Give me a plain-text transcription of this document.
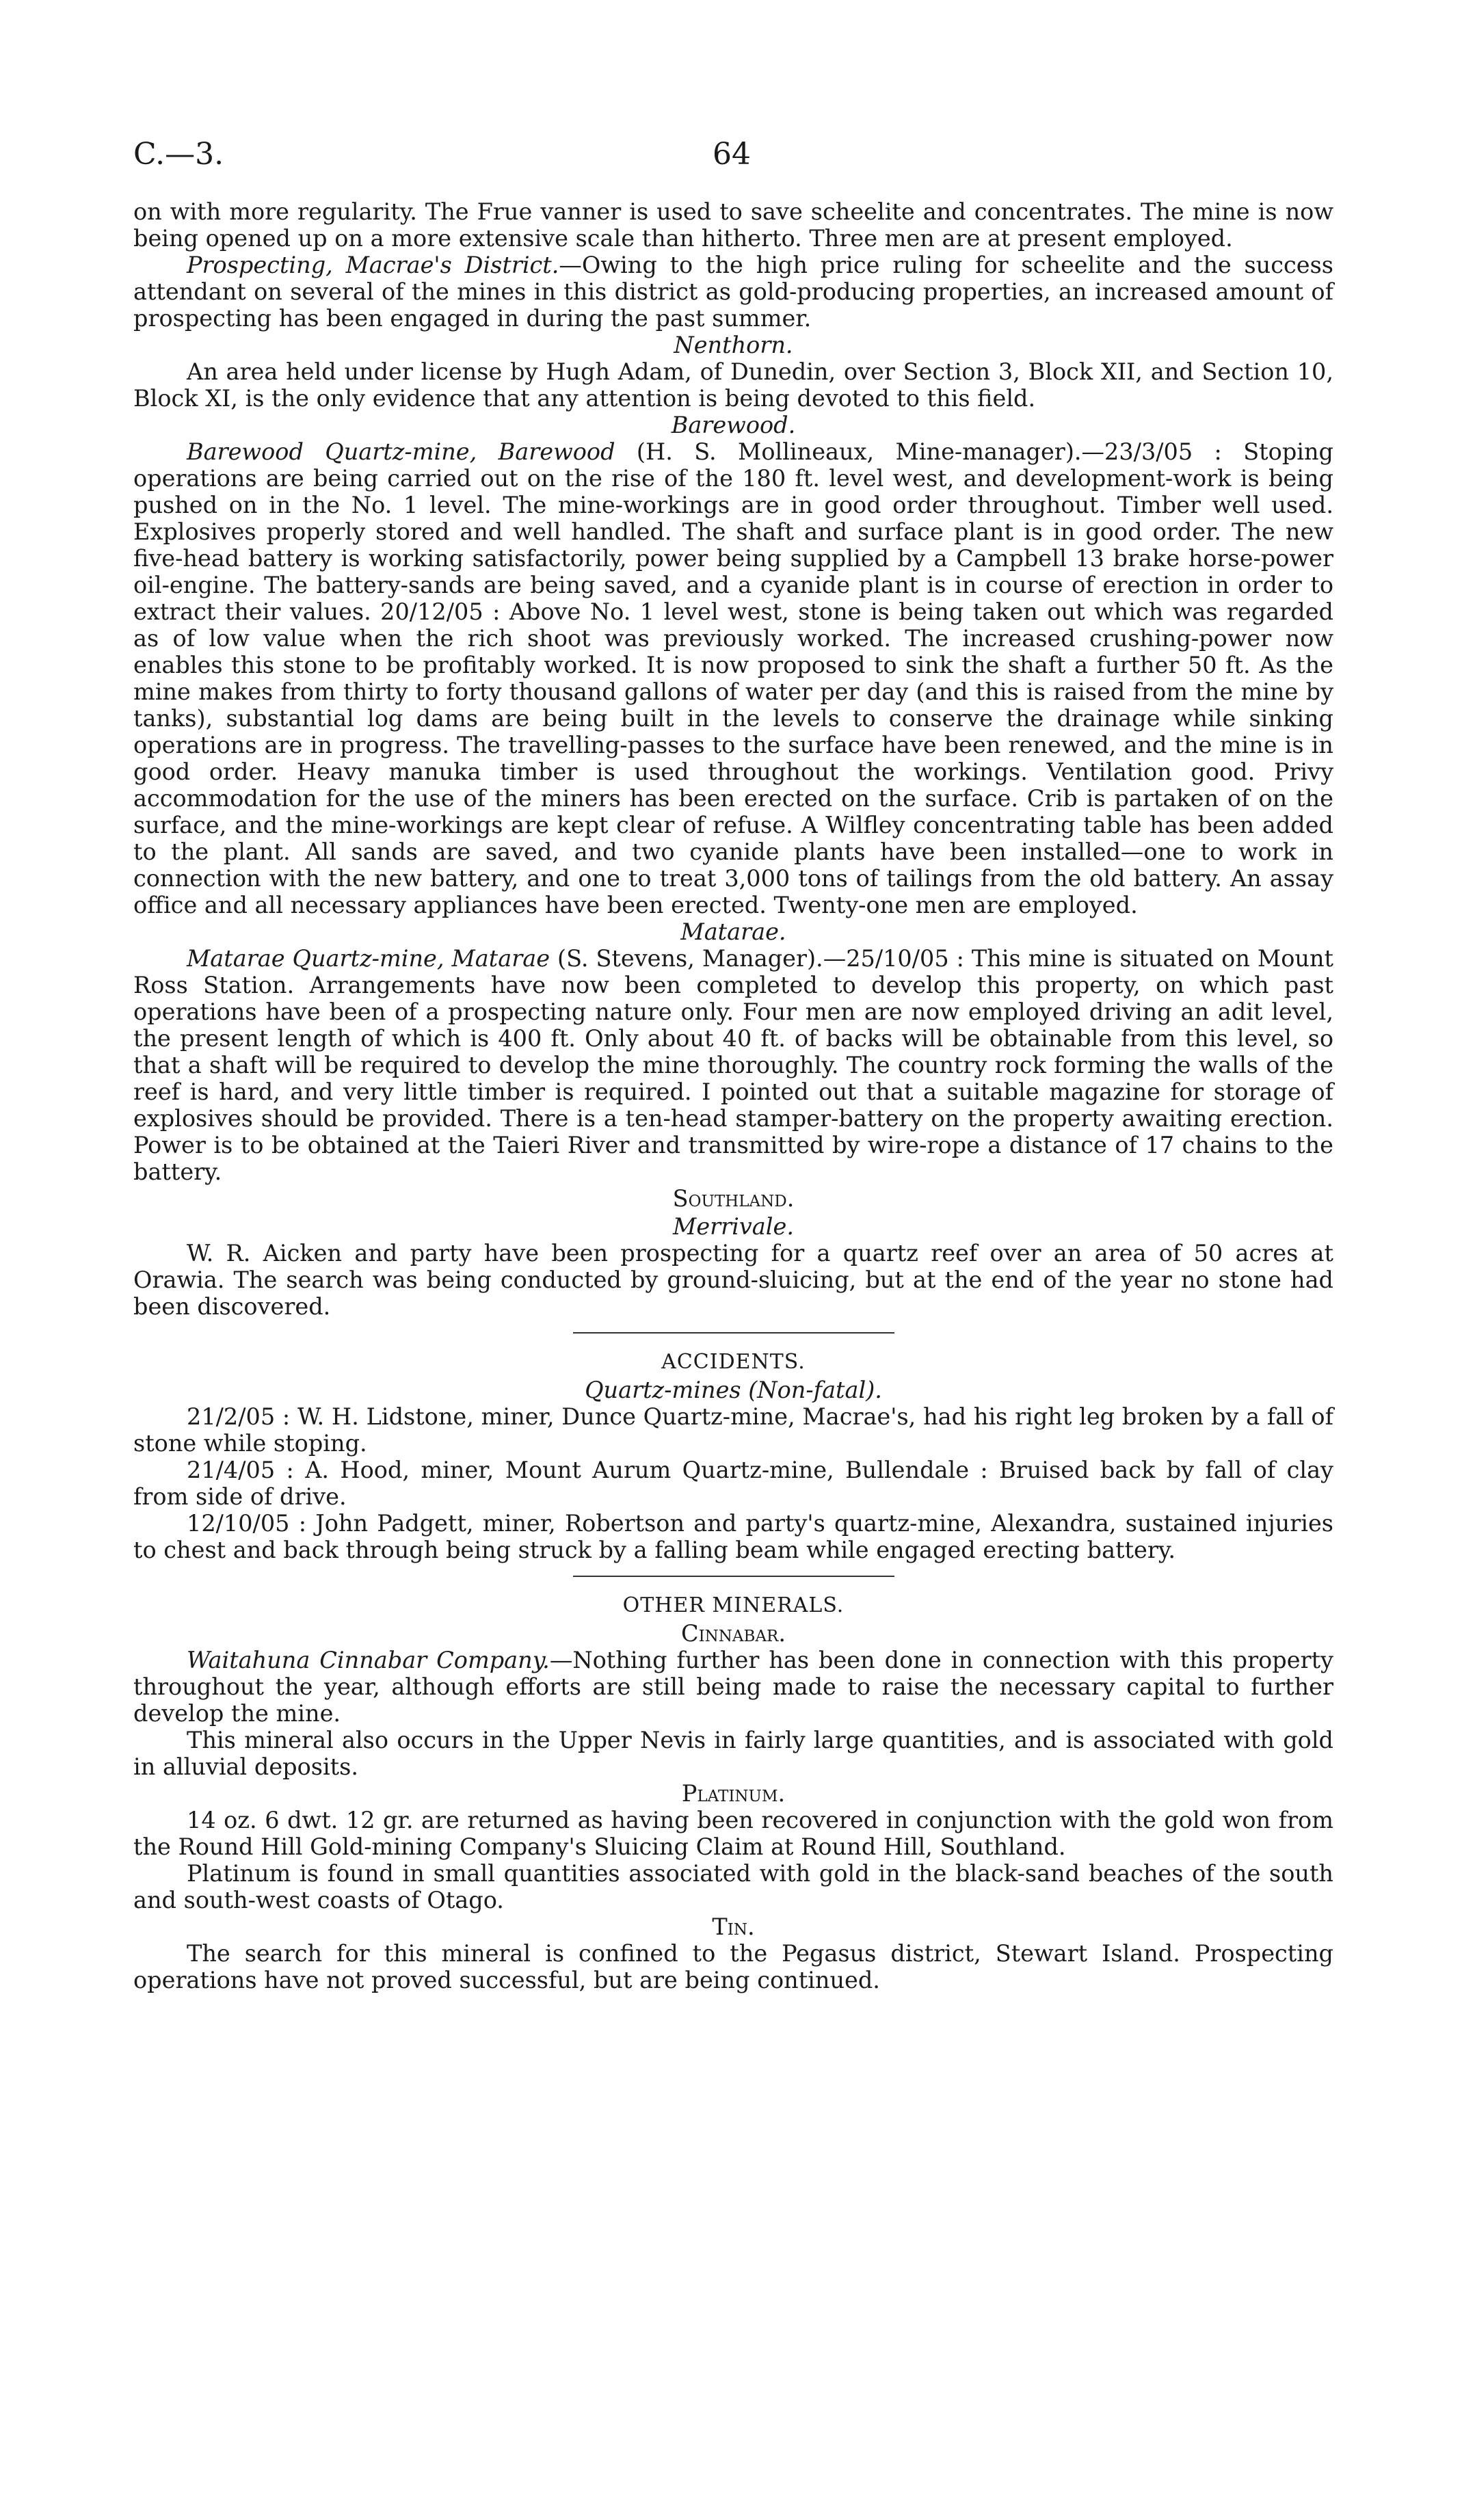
64
C.—3.

on with more regularity. The Frue vanner is used to save scheelite and concentrates. The mine is now being opened up on a more extensive scale than hitherto. Three men are at present employed.

Prospecting, Macrae's District.—Owing to the high price ruling for scheelite and the success attendant on several of the mines in this district as gold-producing properties, an increased amount of prospecting has been engaged in during the past summer.

Nenthorn.

An area held under license by Hugh Adam, of Dunedin, over Section 3, Block XII, and Section 10, Block XI, is the only evidence that any attention is being devoted to this field.

Barewood.

Barewood Quartz-mine, Barewood (H. S. Mollineaux, Mine-manager).—23/3/05 : Stoping operations are being carried out on the rise of the 180 ft. level west, and development-work is being pushed on in the No. 1 level. The mine-workings are in good order throughout. Timber well used. Explosives properly stored and well handled. The shaft and surface plant is in good order. The new five-head battery is working satisfactorily, power being supplied by a Campbell 13 brake horse-power oil-engine. The battery-sands are being saved, and a cyanide plant is in course of erection in order to extract their values. 20/12/05 : Above No. 1 level west, stone is being taken out which was regarded as of low value when the rich shoot was previously worked. The increased crushing-power now enables this stone to be profitably worked. It is now proposed to sink the shaft a further 50 ft. As the mine makes from thirty to forty thousand gallons of water per day (and this is raised from the mine by tanks), substantial log dams are being built in the levels to conserve the drainage while sinking operations are in progress. The travelling-passes to the surface have been renewed, and the mine is in good order. Heavy manuka timber is used throughout the workings. Ventilation good. Privy accommodation for the use of the miners has been erected on the surface. Crib is partaken of on the surface, and the mine-workings are kept clear of refuse. A Wilfley concentrating table has been added to the plant. All sands are saved, and two cyanide plants have been installed—one to work in connection with the new battery, and one to treat 3,000 tons of tailings from the old battery. An assay office and all necessary appliances have been erected. Twenty-one men are employed.

Matarae.

Matarae Quartz-mine, Matarae (S. Stevens, Manager).—25/10/05 : This mine is situated on Mount Ross Station. Arrangements have now been completed to develop this property, on which past operations have been of a prospecting nature only. Four men are now employed driving an adit level, the present length of which is 400 ft. Only about 40 ft. of backs will be obtainable from this level, so that a shaft will be required to develop the mine thoroughly. The country rock forming the walls of the reef is hard, and very little timber is required. I pointed out that a suitable magazine for storage of explosives should be provided. There is a ten-head stamper-battery on the property awaiting erection. Power is to be obtained at the Taieri River and transmitted by wire-rope a distance of 17 chains to the battery.

Southland.

Merrivale.

W. R. Aicken and party have been prospecting for a quartz reef over an area of 50 acres at Orawia. The search was being conducted by ground-sluicing, but at the end of the year no stone had been discovered.

ACCIDENTS.

Quartz-mines (Non-fatal).

21/2/05 : W. H. Lidstone, miner, Dunce Quartz-mine, Macrae's, had his right leg broken by a fall of stone while stoping.

21/4/05 : A. Hood, miner, Mount Aurum Quartz-mine, Bullendale : Bruised back by fall of clay from side of drive.

12/10/05 : John Padgett, miner, Robertson and party's quartz-mine, Alexandra, sustained injuries to chest and back through being struck by a falling beam while engaged erecting battery.

OTHER MINERALS.

Cinnabar.

Waitahuna Cinnabar Company.—Nothing further has been done in connection with this property throughout the year, although efforts are still being made to raise the necessary capital to further develop the mine.

This mineral also occurs in the Upper Nevis in fairly large quantities, and is associated with gold in alluvial deposits.

Platinum.

14 oz. 6 dwt. 12 gr. are returned as having been recovered in conjunction with the gold won from the Round Hill Gold-mining Company's Sluicing Claim at Round Hill, Southland.

Platinum is found in small quantities associated with gold in the black-sand beaches of the south and south-west coasts of Otago.

Tin.

The search for this mineral is confined to the Pegasus district, Stewart Island. Prospecting operations have not proved successful, but are being continued.
